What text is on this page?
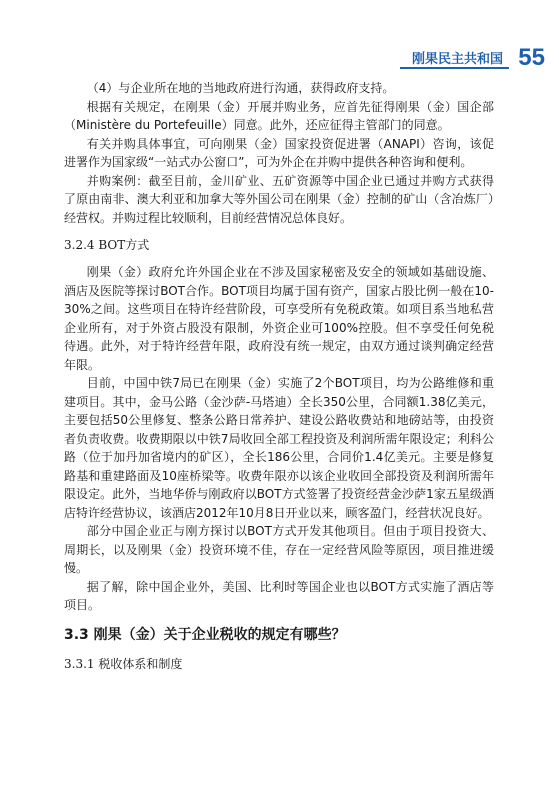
刚果民主共和国 55

（4）与企业所在地的当地政府进行沟通，获得政府支持。

根据有关规定，在刚果（金）开展并购业务，应首先征得刚果（金）国企部（Ministère du Portefeuille）同意。此外，还应征得主管部门的同意。

有关并购具体事宜，可向刚果（金）国家投资促进署（ANAPI）咨询，该促进署作为国家级“一站式办公窗口”，可为外企在并购中提供各种咨询和便利。

并购案例：截至目前，金川矿业、五矿资源等中国企业已通过并购方式获得了原由南非、澳大利亚和加拿大等外国公司在刚果（金）控制的矿山（含冶炼厂）经营权。并购过程比较顺利，目前经营情况总体良好。

3.2.4 BOT方式

刚果（金）政府允许外国企业在不涉及国家秘密及安全的领域如基础设施、酒店及医院等探讨BOT合作。BOT项目均属于国有资产，国家占股比例一般在10-30%之间。这些项目在特许经营阶段，可享受所有免税政策。如项目系当地私营企业所有，对于外资占股没有限制，外资企业可100%控股。但不享受任何免税待遇。此外，对于特许经营年限，政府没有统一规定，由双方通过谈判确定经营年限。

目前，中国中铁7局已在刚果（金）实施了2个BOT项目，均为公路维修和重建项目。其中，金马公路（金沙萨-马塔迪）全长350公里，合同额1.38亿美元，主要包括50公里修复、整条公路日常养护、建设公路收费站和地磅站等，由投资者负责收费。收费期限以中铁7局收回全部工程投资及利润所需年限设定；利科公路（位于加丹加省境内的矿区），全长186公里，合同价1.4亿美元。主要是修复路基和重建路面及10座桥梁等。收费年限亦以该企业收回全部投资及利润所需年限设定。此外，当地华侨与刚政府以BOT方式签署了投资经营金沙萨1家五星级酒店特许经营协议，该酒店2012年10月8日开业以来，顾客盈门，经营状况良好。

部分中国企业正与刚方探讨以BOT方式开发其他项目。但由于项目投资大、周期长，以及刚果（金）投资环境不佳，存在一定经营风险等原因，项目推进缓慢。

据了解，除中国企业外，美国、比利时等国企业也以BOT方式实施了酒店等项目。

3.3 刚果（金）关于企业税收的规定有哪些？
3.3.1 税收体系和制度
